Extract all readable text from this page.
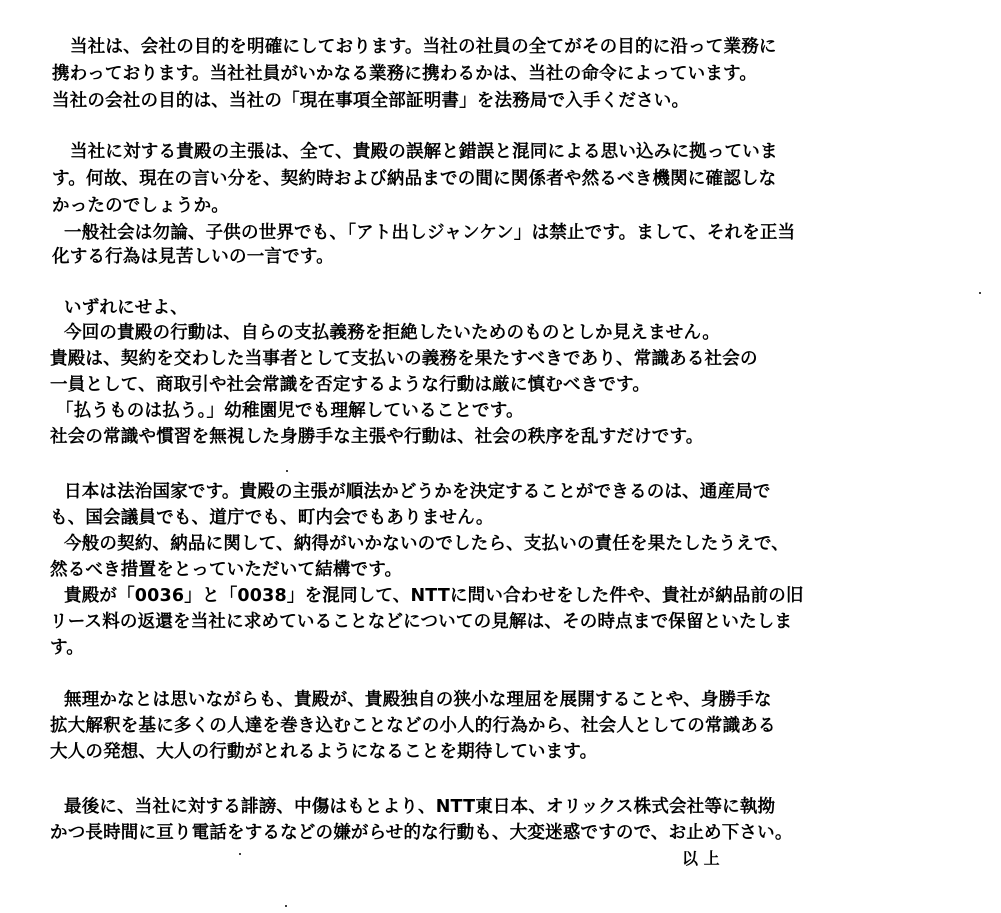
当社は、会社の目的を明確にしております。当社の社員の全てがその目的に沿って業務に
携わっております。当社社員がいかなる業務に携わるかは、当社の命令によっています。
当社の会社の目的は、当社の「現在事項全部証明書」を法務局で入手ください。
当社に対する貴殿の主張は、全て、貴殿の誤解と錯誤と混同による思い込みに拠っていま
す。何故、現在の言い分を、契約時および納品までの間に関係者や然るべき機関に確認しな
かったのでしょうか。
一般社会は勿論、子供の世界でも、「アト出しジャンケン」は禁止です。まして、それを正当
化する行為は見苦しいの一言です。
いずれにせよ、
今回の貴殿の行動は、自らの支払義務を拒絶したいためのものとしか見えません。
貴殿は、契約を交わした当事者として支払いの義務を果たすべきであり、常識ある社会の
一員として、商取引や社会常識を否定するような行動は厳に慎むべきです。
「払うものは払う。」幼稚園児でも理解していることです。
社会の常識や慣習を無視した身勝手な主張や行動は、社会の秩序を乱すだけです。
日本は法治国家です。貴殿の主張が順法かどうかを決定することができるのは、通産局で
も、国会議員でも、道庁でも、町内会でもありません。
今般の契約、納品に関して、納得がいかないのでしたら、支払いの責任を果たしたうえで、
然るべき措置をとっていただいて結構です。
貴殿が「0036」と「0038」を混同して、NTTに問い合わせをした件や、貴社が納品前の旧
リース料の返還を当社に求めていることなどについての見解は、その時点まで保留といたしま
す。
無理かなとは思いながらも、貴殿が、貴殿独自の狭小な理屈を展開することや、身勝手な
拡大解釈を基に多くの人達を巻き込むことなどの小人的行為から、社会人としての常識ある
大人の発想、大人の行動がとれるようになることを期待しています。
最後に、当社に対する誹謗、中傷はもとより、NTT東日本、オリックス株式会社等に執拗
かつ長時間に亘り電話をするなどの嫌がらせ的な行動も、大変迷惑ですので、お止め下さい。
以 上
